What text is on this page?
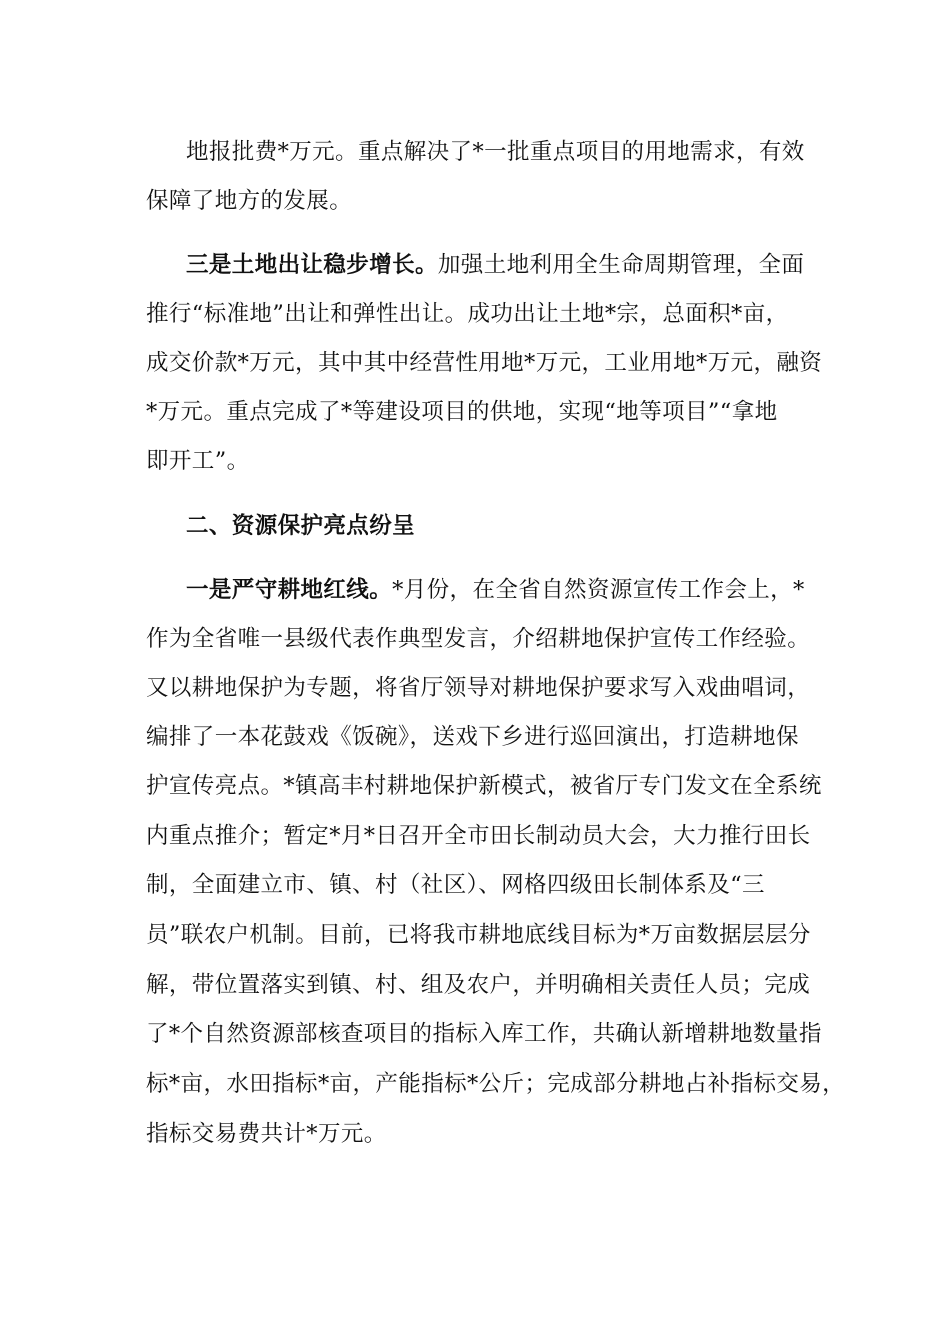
地报批费*万元。重点解决了*一批重点项目的用地需求，有效
保障了地方的发展。
三是土地出让稳步增长。加强土地利用全生命周期管理，全面
推行“标准地”出让和弹性出让。成功出让土地*宗，总面积*亩，
成交价款*万元，其中其中经营性用地*万元，工业用地*万元，融资
*万元。重点完成了*等建设项目的供地，实现“地等项目”“拿地
即开工”。
二、资源保护亮点纷呈
一是严守耕地红线。*月份，在全省自然资源宣传工作会上，*
作为全省唯一县级代表作典型发言，介绍耕地保护宣传工作经验。
又以耕地保护为专题，将省厅领导对耕地保护要求写入戏曲唱词，
编排了一本花鼓戏《饭碗》，送戏下乡进行巡回演出，打造耕地保
护宣传亮点。*镇高丰村耕地保护新模式，被省厅专门发文在全系统
内重点推介；暂定*月*日召开全市田长制动员大会，大力推行田长
制，全面建立市、镇、村（社区）、网格四级田长制体系及“三
员”联农户机制。目前，已将我市耕地底线目标为*万亩数据层层分
解，带位置落实到镇、村、组及农户，并明确相关责任人员；完成
了*个自然资源部核查项目的指标入库工作，共确认新增耕地数量指
标*亩，水田指标*亩，产能指标*公斤；完成部分耕地占补指标交易，
指标交易费共计*万元。
